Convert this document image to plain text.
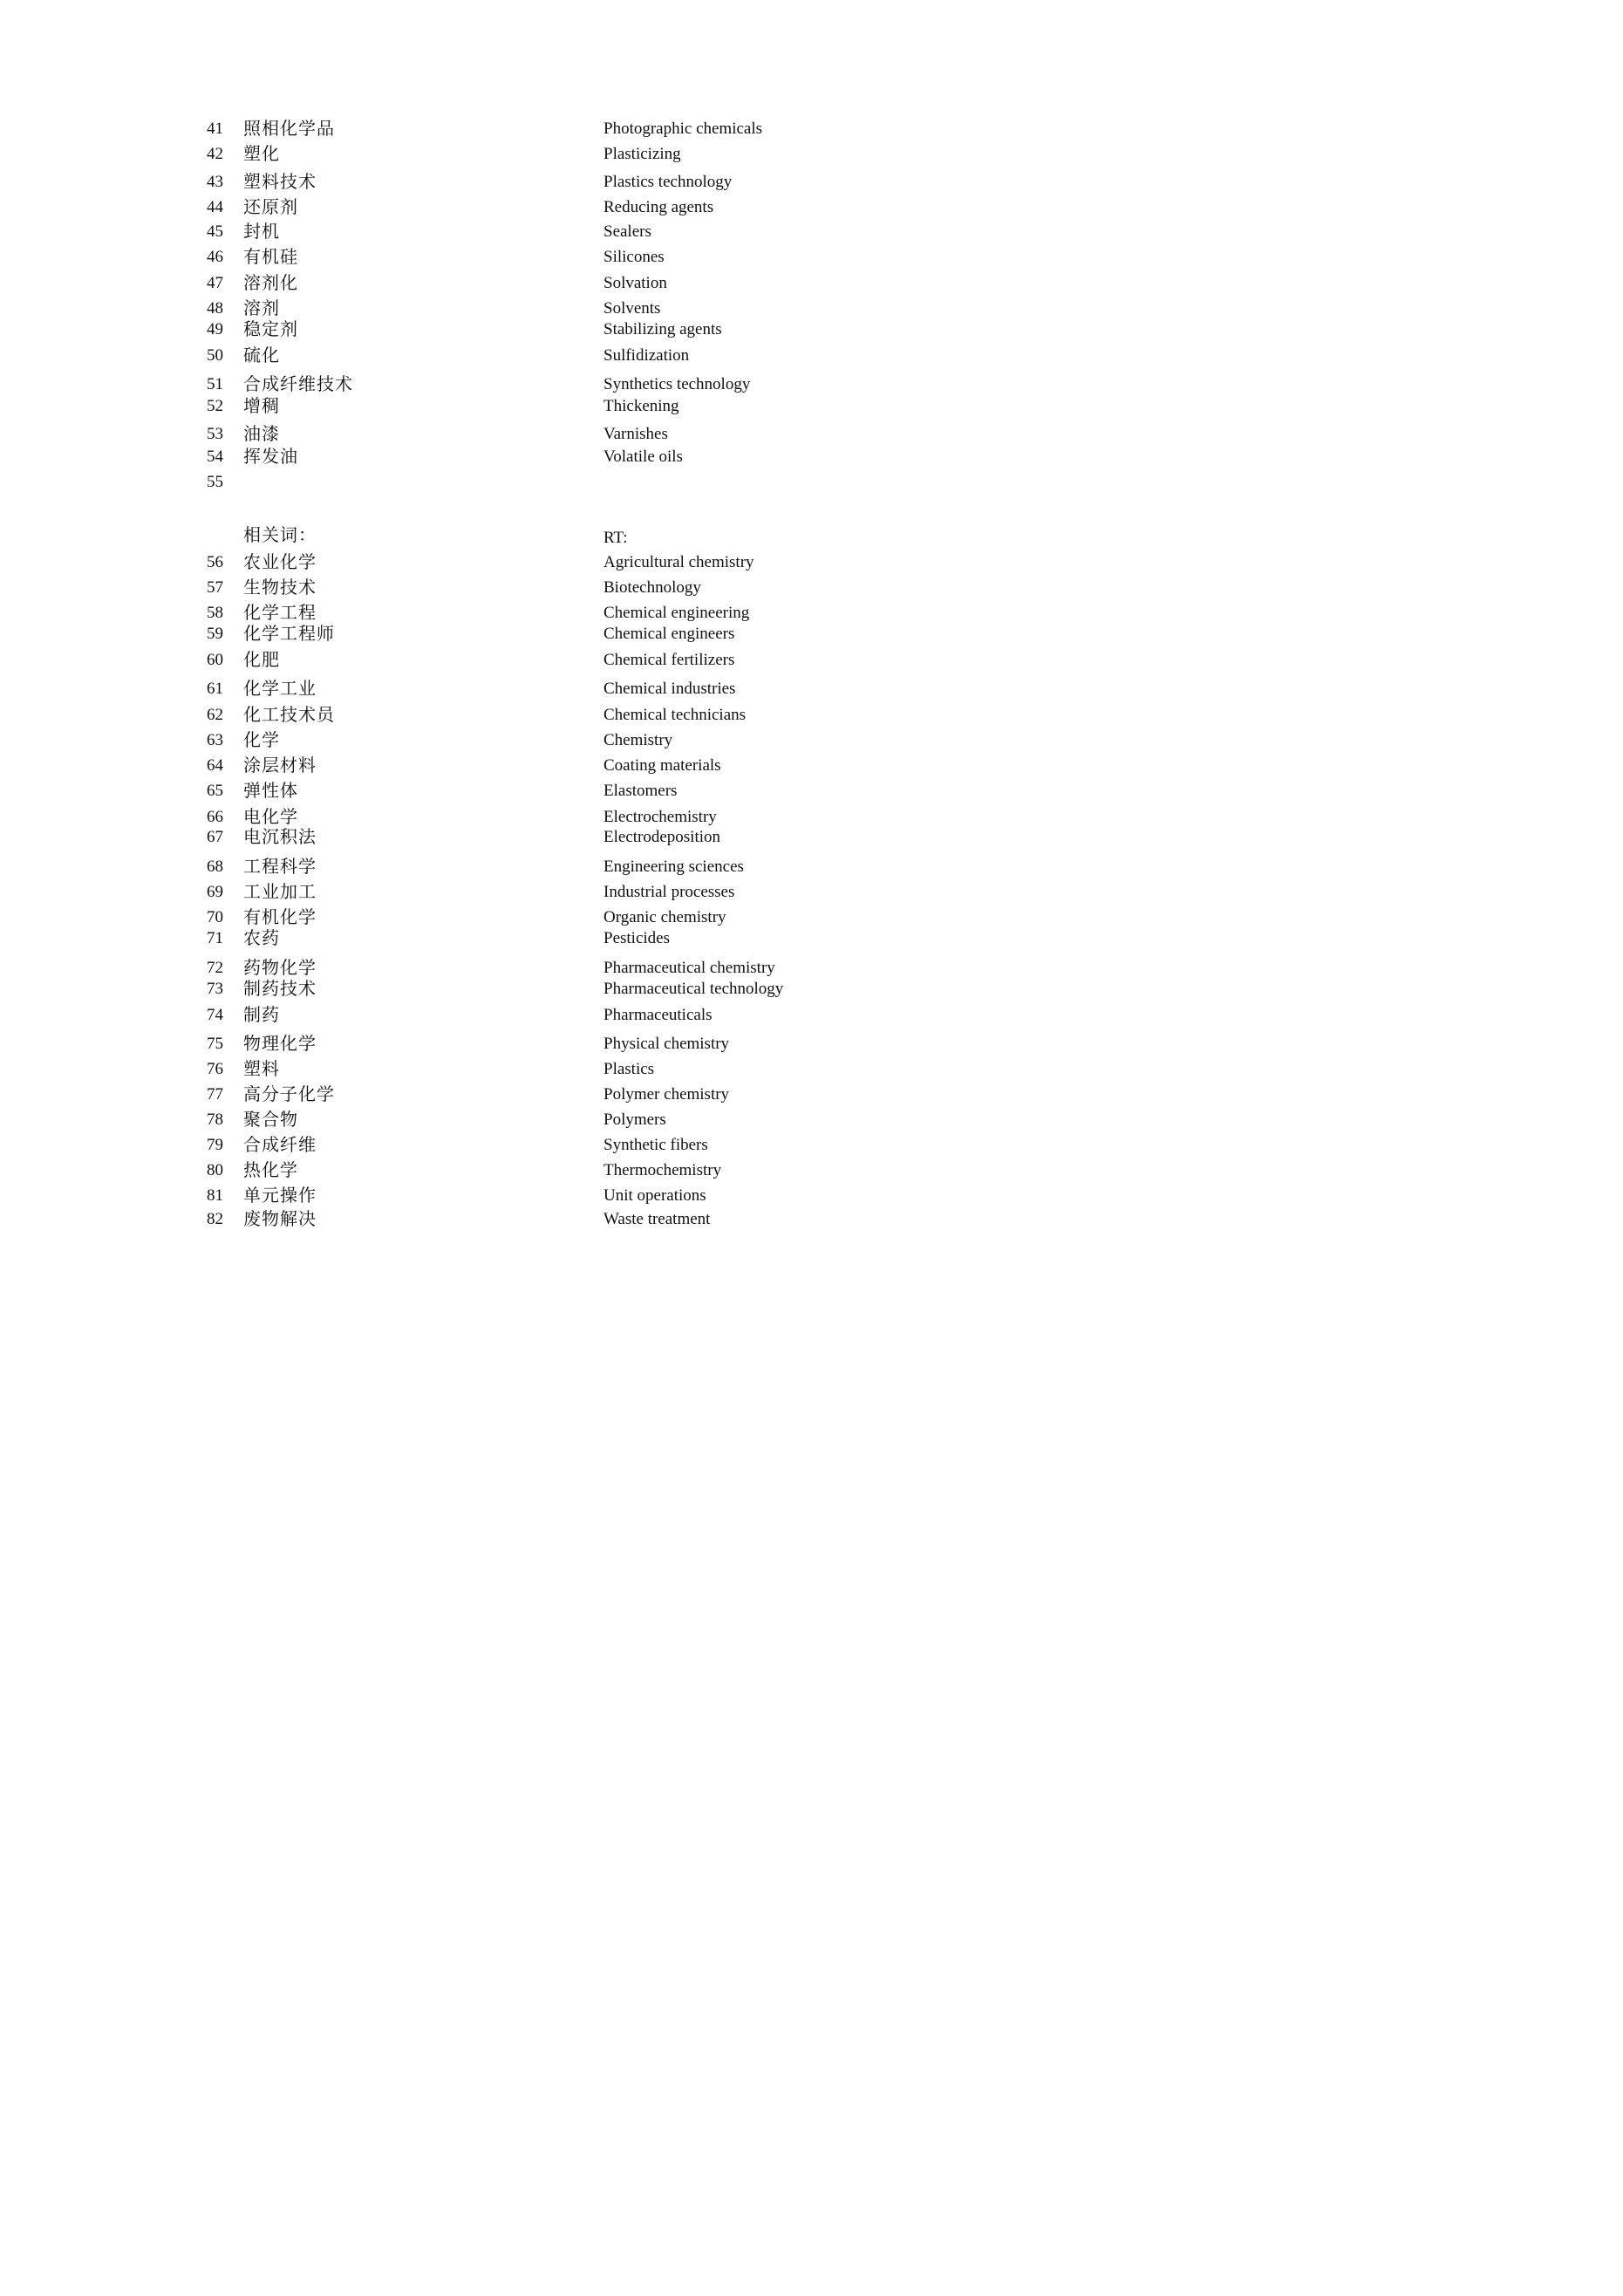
41	照相化学品	Photographic chemicals
42	塑化	Plasticizing
43	塑料技术	Plastics technology
44	还原剂	Reducing agents
45	封机	Sealers
46	有机硅	Silicones
47	溶剂化	Solvation
48	溶剂	Solvents
49	稳定剂	Stabilizing agents
50	硫化	Sulfidization
51	合成纤维技术	Synthetics technology
52	增稠	Thickening
53	油漆	Varnishes
54	挥发油	Volatile oils
55
相关词：	RT:
56	农业化学	Agricultural chemistry
57	生物技术	Biotechnology
58	化学工程	Chemical engineering
59	化学工程师	Chemical engineers
60	化肥	Chemical fertilizers
61	化学工业	Chemical industries
62	化工技术员	Chemical technicians
63	化学	Chemistry
64	涂层材料	Coating materials
65	弹性体	Elastomers
66	电化学	Electrochemistry
67	电沉积法	Electrodeposition
68	工程科学	Engineering sciences
69	工业加工	Industrial processes
70	有机化学	Organic chemistry
71	农药	Pesticides
72	药物化学	Pharmaceutical chemistry
73	制药技术	Pharmaceutical technology
74	制药	Pharmaceuticals
75	物理化学	Physical chemistry
76	塑料	Plastics
77	高分子化学	Polymer chemistry
78	聚合物	Polymers
79	合成纤维	Synthetic fibers
80	热化学	Thermochemistry
81	单元操作	Unit operations
82	废物解决	Waste treatment
